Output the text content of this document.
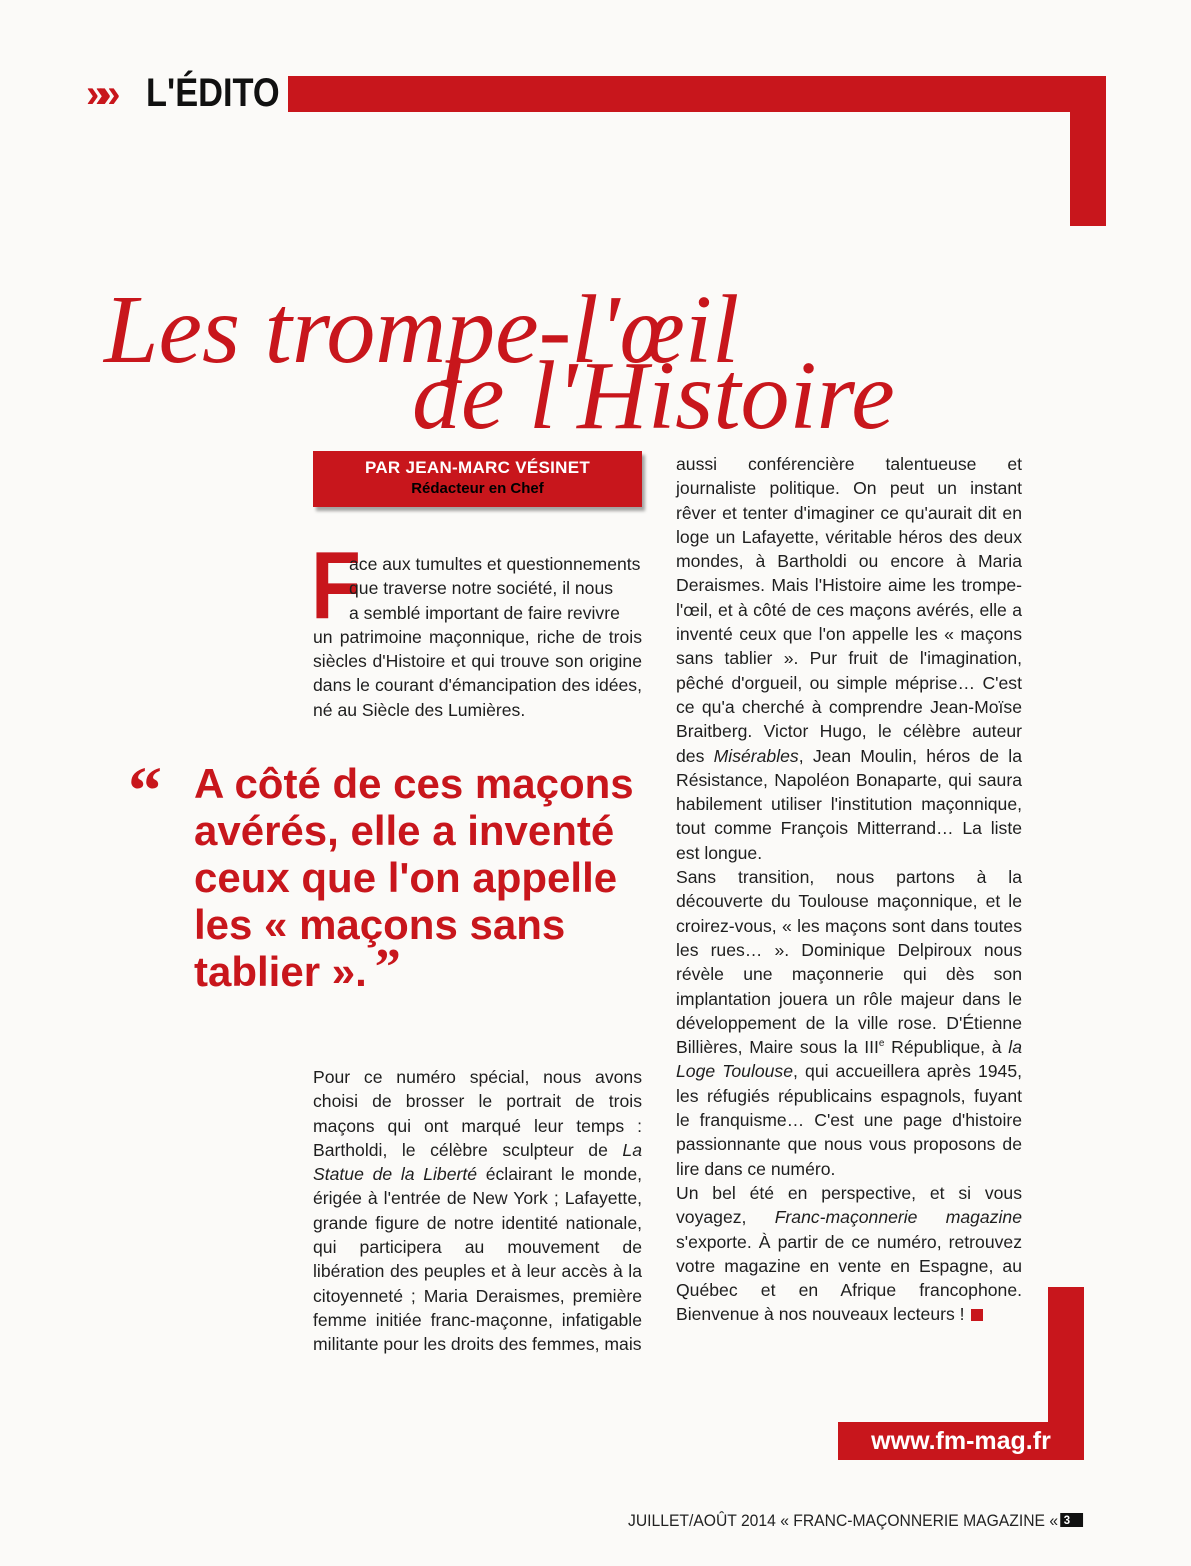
»» L'ÉDITO
Les trompe-l'œil
de l'Histoire
PAR JEAN-MARC VÉSINET
Rédacteur en Chef
F
ace aux tumultes et questionnements
que traverse notre société, il nous
a semblé important de faire revivre

un patrimoine maçonnique, riche de trois siècles d'Histoire et qui trouve son origine dans le courant d'émancipation des idées, né au Siècle des Lumières.

“ A côté de ces maçons avérés, elle a inventé ceux que l'on appelle les « maçons sans tablier ». ”

Pour ce numéro spécial, nous avons choisi de brosser le portrait de trois maçons qui ont marqué leur temps : Bartholdi, le célèbre sculpteur de La Statue de la Liberté éclairant le monde, érigée à l'entrée de New York ; Lafayette, grande figure de notre identité nationale, qui participera au mouvement de libération des peuples et à leur accès à la citoyenneté ; Maria Deraismes, première femme initiée franc-maçonne, infatigable militante pour les droits des femmes, mais

aussi conférencière talentueuse et journaliste politique. On peut un instant rêver et tenter d'imaginer ce qu'aurait dit en loge un Lafayette, véritable héros des deux mondes, à Bartholdi ou encore à Maria Deraismes. Mais l'Histoire aime les trompe-l'œil, et à côté de ces maçons avérés, elle a inventé ceux que l'on appelle les « maçons sans tablier ». Pur fruit de l'imagination, pêché d'orgueil, ou simple méprise… C'est ce qu'a cherché à comprendre Jean-Moïse Braitberg. Victor Hugo, le célèbre auteur des Misérables, Jean Moulin, héros de la Résistance, Napoléon Bonaparte, qui saura habilement utiliser l'institution maçonnique, tout comme François Mitterrand… La liste est longue.

Sans transition, nous partons à la découverte du Toulouse maçonnique, et le croirez-vous, « les maçons sont dans toutes les rues… ». Dominique Delpiroux nous révèle une maçonnerie qui dès son implantation jouera un rôle majeur dans le développement de la ville rose. D'Étienne Billières, Maire sous la IIIe République, à la Loge Toulouse, qui accueillera après 1945, les réfugiés républicains espagnols, fuyant le franquisme… C'est une page d'histoire passionnante que nous vous proposons de lire dans ce numéro.

Un bel été en perspective, et si vous voyagez, Franc-maçonnerie magazine s'exporte. À partir de ce numéro, retrouvez votre magazine en vente en Espagne, au Québec et en Afrique francophone. Bienvenue à nos nouveaux lecteurs !

www.fm-mag.fr
JUILLET/AOÛT 2014 « FRANC-MAÇONNERIE MAGAZINE « 3
